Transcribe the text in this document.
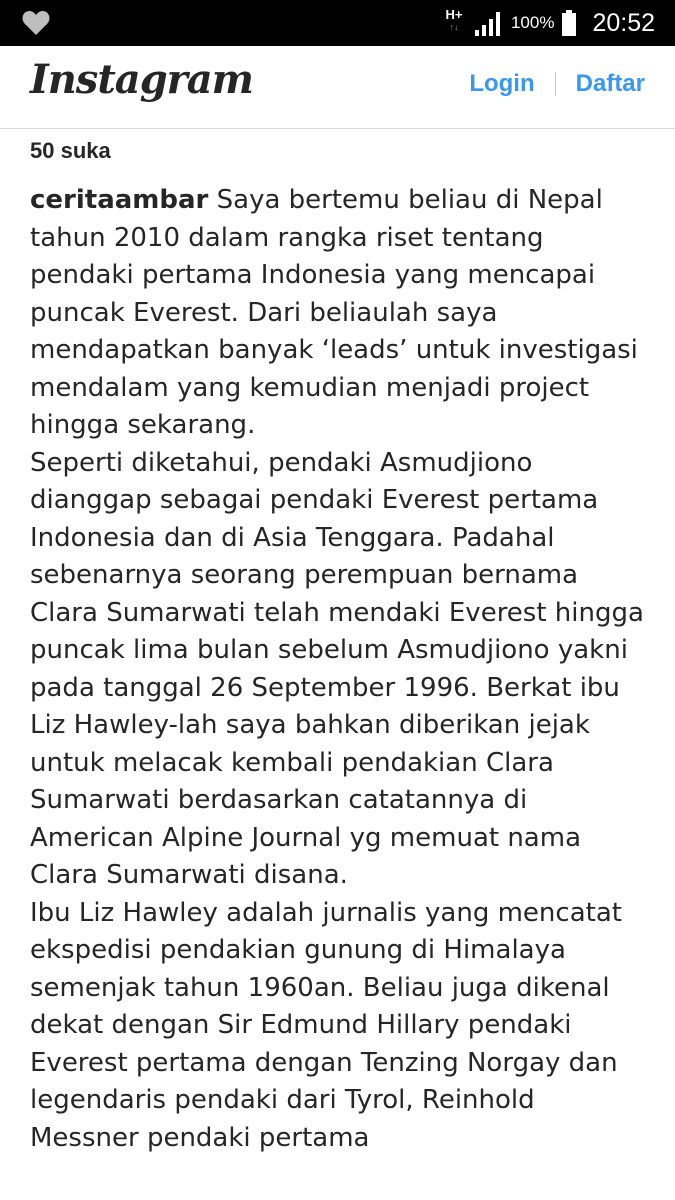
H+
↑↓	100% 20:52
Instagram	Login Daftar
50 suka

ceritaambar Saya bertemu beliau di Nepal tahun 2010 dalam rangka riset tentang pendaki pertama Indonesia yang mencapai puncak Everest. Dari beliaulah saya mendapatkan banyak ‘leads’ untuk investigasi mendalam yang kemudian menjadi project hingga sekarang.

Seperti diketahui, pendaki Asmudjiono dianggap sebagai pendaki Everest pertama Indonesia dan di Asia Tenggara. Padahal sebenarnya seorang perempuan bernama Clara Sumarwati telah mendaki Everest hingga puncak lima bulan sebelum Asmudjiono yakni pada tanggal 26 September 1996. Berkat ibu Liz Hawley-lah saya bahkan diberikan jejak untuk melacak kembali pendakian Clara Sumarwati berdasarkan catatannya di American Alpine Journal yg memuat nama Clara Sumarwati disana.

Ibu Liz Hawley adalah jurnalis yang mencatat ekspedisi pendakian gunung di Himalaya semenjak tahun 1960an. Beliau juga dikenal dekat dengan Sir Edmund Hillary pendaki Everest pertama dengan Tenzing Norgay dan legendaris pendaki dari Tyrol, Reinhold Messner pendaki pertama
